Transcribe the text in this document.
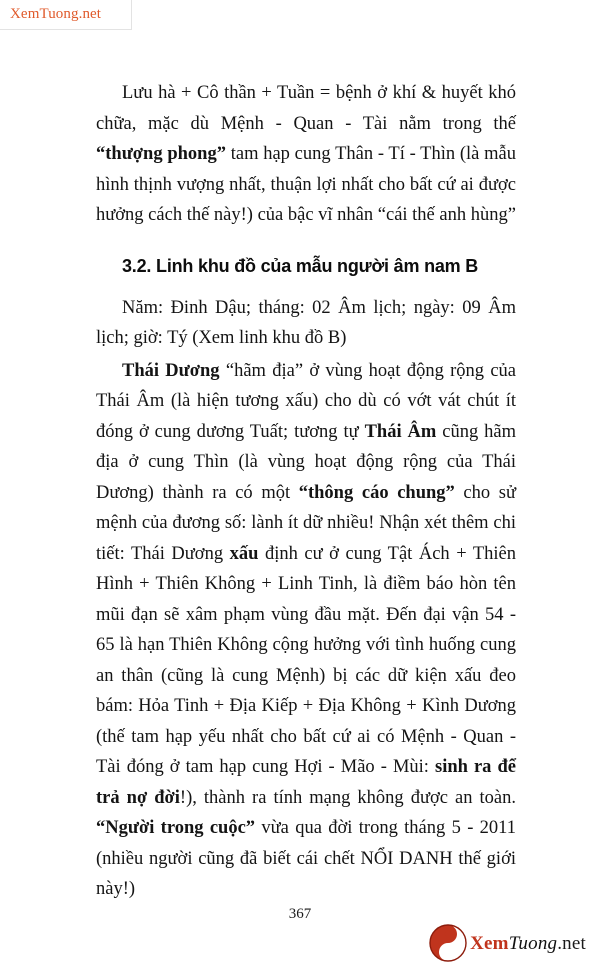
XemTuong.net

Lưu hà + Cô thần + Tuần = bệnh ở khí & huyết khó chữa, mặc dù Mệnh - Quan - Tài nằm trong thế “thượng phong” tam hạp cung Thân - Tí - Thìn (là mẫu hình thịnh vượng nhất, thuận lợi nhất cho bất cứ ai được hưởng cách thế này!) của bậc vĩ nhân “cái thế anh hùng”

3.2. Linh khu đồ của mẫu người âm nam B

Năm: Đinh Dậu; tháng: 02 Âm lịch; ngày: 09 Âm lịch; giờ: Tý (Xem linh khu đồ B)

Thái Dương “hãm địa” ở vùng hoạt động rộng của Thái Âm (là hiện tương xấu) cho dù có vớt vát chút ít đóng ở cung dương Tuất; tương tự Thái Âm cũng hãm địa ở cung Thìn (là vùng hoạt động rộng của Thái Dương) thành ra có một “thông cáo chung” cho sử mệnh của đương số: lành ít dữ nhiều! Nhận xét thêm chi tiết: Thái Dương xấu định cư ở cung Tật Ách + Thiên Hình + Thiên Không + Linh Tinh, là điềm báo hòn tên mũi đạn sẽ xâm phạm vùng đầu mặt. Đến đại vận 54 - 65 là hạn Thiên Không cộng hưởng với tình huống cung an thân (cũng là cung Mệnh) bị các dữ kiện xấu đeo bám: Hỏa Tinh + Địa Kiếp + Địa Không + Kình Dương (thế tam hạp yếu nhất cho bất cứ ai có Mệnh - Quan - Tài đóng ở tam hạp cung Hợi - Mão - Mùi: sinh ra để trả nợ đời!), thành ra tính mạng không được an toàn. “Người trong cuộc” vừa qua đời trong tháng 5 - 2011 (nhiều người cũng đã biết cái chết NỔI DANH thế giới này!)

367
XemTuong.net
